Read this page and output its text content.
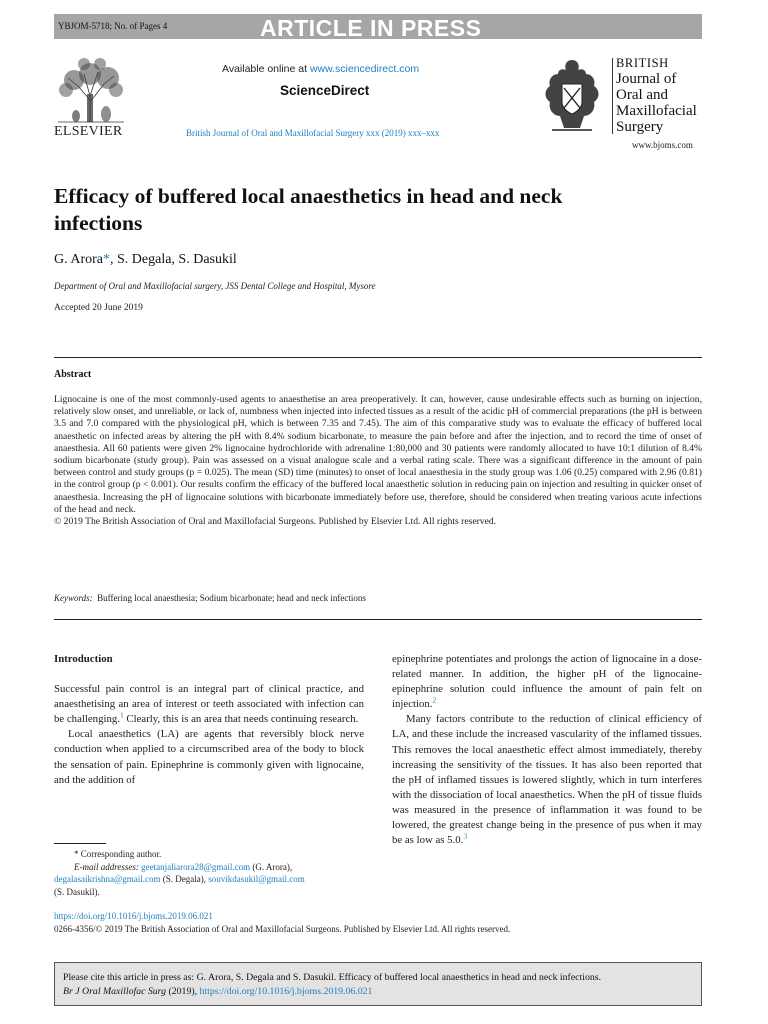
YBJOM-5718; No. of Pages 4	ARTICLE IN PRESS
ELSEVIER
Available online at www.sciencedirect.com
ScienceDirect
British Journal of Oral and Maxillofacial Surgery xxx (2019) xxx–xxx
BRITISH
Journal of
Oral and
Maxillofacial
Surgery
www.bjoms.com
Efficacy of buffered local anaesthetics in head and neck infections
G. Arora*, S. Degala, S. Dasukil
Department of Oral and Maxillofacial surgery, JSS Dental College and Hospital, Mysore
Accepted 20 June 2019
Abstract
Lignocaine is one of the most commonly-used agents to anaesthetise an area preoperatively. It can, however, cause undesirable effects such as burning on injection, relatively slow onset, and unreliable, or lack of, numbness when injected into infected tissues as a result of the acidic pH of commercial preparations (the pH is between 3.5 and 7.0 compared with the physiological pH, which is between 7.35 and 7.45). The aim of this comparative study was to evaluate the efficacy of buffered local anaesthetic on infected areas by altering the pH with 8.4% sodium bicarbonate, to measure the pain before and after the injection, and to record the time of onset of anaesthesia. All 60 patients were given 2% lignocaine hydrochloride with adrenaline 1:80,000 and 30 patients were randomly allocated to have 10:1 dilution of 8.4% sodium bicarbonate (study group). Pain was assessed on a visual analogue scale and a verbal rating scale. There was a significant difference in the amount of pain between control and study groups (p = 0.025). The mean (SD) time (minutes) to onset of local anaesthesia in the study group was 1.06 (0.25) compared with 2.96 (0.81) in the control group (p < 0.001). Our results confirm the efficacy of the buffered local anaesthetic solution in reducing pain on injection and resulting in quicker onset of anaesthesia. Increasing the pH of lignocaine solutions with bicarbonate immediately before use, therefore, should be considered when treating various acute infections of the head and neck.
© 2019 The British Association of Oral and Maxillofacial Surgeons. Published by Elsevier Ltd. All rights reserved.
Keywords: Buffering local anaesthesia; Sodium bicarbonate; head and neck infections
Introduction

Successful pain control is an integral part of clinical practice, and anaesthetising an area of interest or teeth associated with infection can be challenging.$^1$ Clearly, this is an area that needs continuing research.

Local anaesthetics (LA) are agents that reversibly block nerve conduction when applied to a circumscribed area of the body to block the sensation of pain. Epinephrine is commonly given with lignocaine, and the addition of

epinephrine potentiates and prolongs the action of lignocaine in a dose-related manner. In addition, the higher pH of the lignocaine-epinephrine solution could influence the amount of pain felt on injection.$^2$

Many factors contribute to the reduction of clinical efficiency of LA, and these include the increased vascularity of the inflamed tissues. This removes the local anaesthetic effect almost immediately, thereby increasing the sensitivity of the tissues. It has also been reported that the pH of inflamed tissues is lowered slightly, which in turn interferes with the dissociation of local anaesthetics. When the pH of tissue fluids was measured in the presence of inflammation it was found to be lowered, the greatest change being in the presence of pus when it may be as low as 5.0.$^3$

* Corresponding author.
E-mail addresses: geetanjaliarora28@gmail.com (G. Arora),
degalasaikrishna@gmail.com (S. Degala), souvikdasukil@gmail.com
(S. Dasukil).
https://doi.org/10.1016/j.bjoms.2019.06.021
0266-4356/© 2019 The British Association of Oral and Maxillofacial Surgeons. Published by Elsevier Ltd. All rights reserved.
Please cite this article in press as: G. Arora, S. Degala and S. Dasukil. Efficacy of buffered local anaesthetics in head and neck infections.
Br J Oral Maxillofac Surg (2019), https://doi.org/10.1016/j.bjoms.2019.06.021
